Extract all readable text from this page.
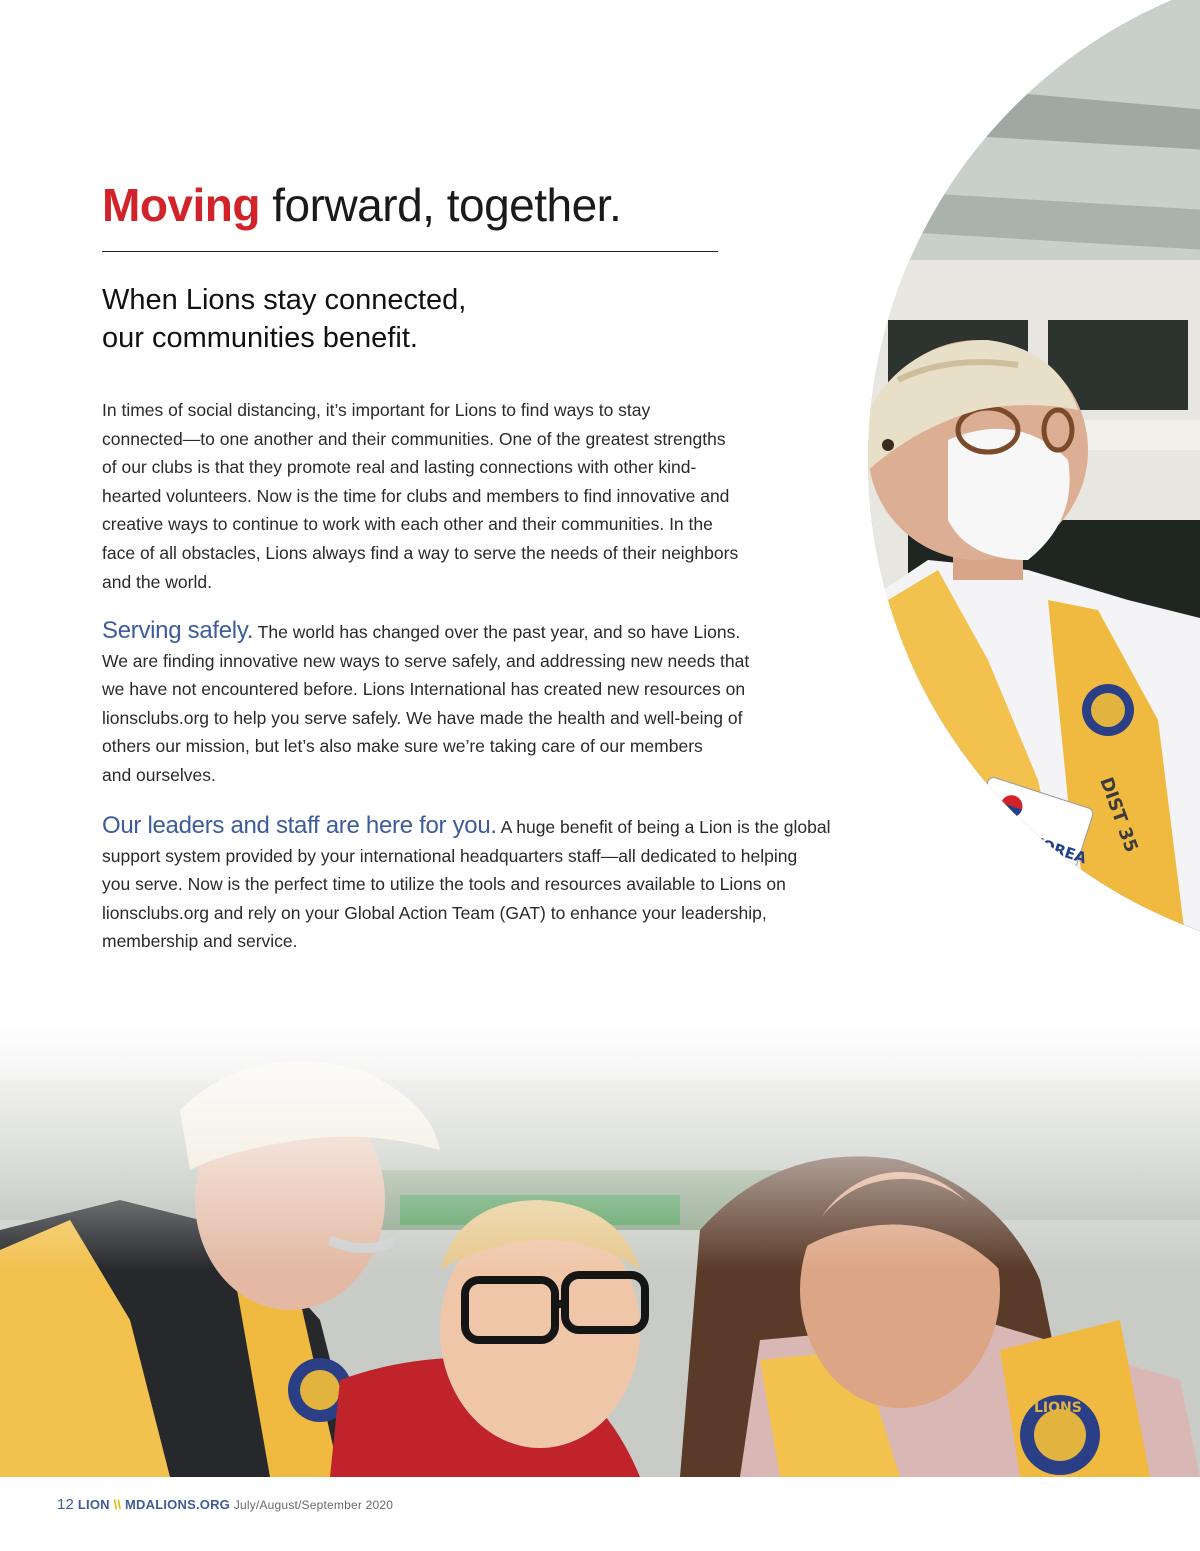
KOREA DIST 35
Moving forward, together.
When Lions stay connected,
our communities benefit.

In times of social distancing, it’s important for Lions to find ways to stay
connected—to one another and their communities. One of the greatest strengths
of our clubs is that they promote real and lasting connections with other kind-
hearted volunteers. Now is the time for clubs and members to find innovative and
creative ways to continue to work with each other and their communities. In the
face of all obstacles, Lions always find a way to serve the needs of their neighbors
and the world.

Serving safely. The world has changed over the past year, and so have Lions.
We are finding innovative new ways to serve safely, and addressing new needs that
we have not encountered before. Lions International has created new resources on
lionsclubs.org to help you serve safely. We have made the health and well-being of
others our mission, but let’s also make sure we’re taking care of our members
and ourselves.

Our leaders and staff are here for you. A huge benefit of being a Lion is the global
support system provided by your international headquarters staff—all dedicated to helping
you serve. Now is the perfect time to utilize the tools and resources available to Lions on
lionsclubs.org and rely on your Global Action Team (GAT) to enhance your leadership,
membership and service.

12 LION \\ MDALIONS.ORG July/August/September 2020
